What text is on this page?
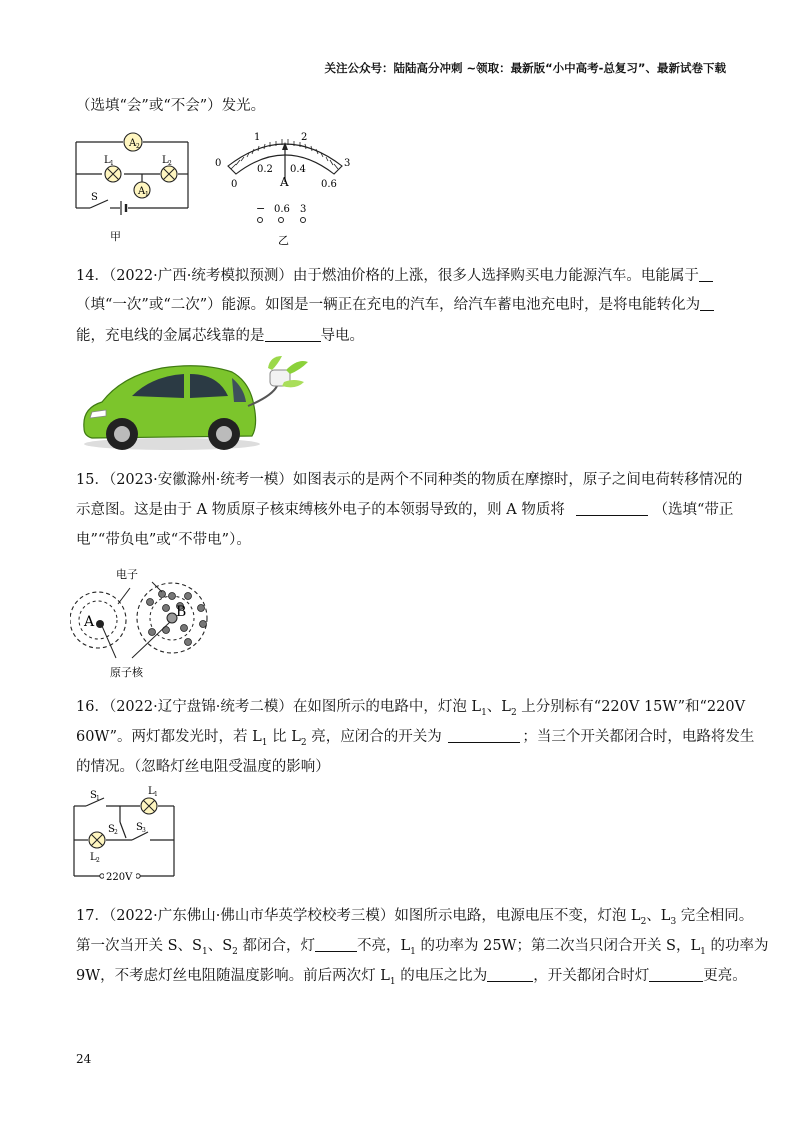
关注公众号：陆陆高分冲刺 ~领取：最新版“小中高考-总复习”、最新试卷下载
（选填“会”或“不会”）发光。
A 2
L 1	L 2
A 1
S
甲
0
1	2
3
0
0.2 0.4
0.6
A
− 0.6 3
乙
14．（2022·广西·统考模拟预测）由于燃油价格的上涨，很多人选择购买电力能源汽车。电能属于
（填“一次”或“二次”）能源。如图是一辆正在充电的汽车，给汽车蓄电池充电时，是将电能转化为
能，充电线的金属芯线靠的是	导电。
15．（2023·安徽滁州·统考一模）如图表示的是两个不同种类的物质在摩擦时，原子之间电荷转移情况的
示意图。这是由于 A 物质原子核束缚核外电子的本领弱导致的，则 A 物质将	（选填“带正
电”“带负电”或“不带电”）。
电子
A
B
原子核
16．（2022·辽宁盘锦·统考二模）在如图所示的电路中，灯泡 $L_1$、$L_2$ 上分别标有“220V 15W”和“220V
60W”。两灯都发光时，若 $L_1$ 比 $L_2$ 亮，应闭合的开关为	；当三个开关都闭合时，电路将发生
的情况。（忽略灯丝电阻受温度的影响）
S 1
L 1
S 2 S 3
L 2
220V
17．（2022·广东佛山·佛山市华英学校校考三模）如图所示电路，电源电压不变，灯泡 $L_2$、$L_3$ 完全相同。
第一次当开关 S、$S_1$、$S_2$ 都闭合，灯	不亮，$L_1$ 的功率为 25W；第二次当只闭合开关 S，$L_1$ 的功率为
9W，不考虑灯丝电阻随温度影响。前后两次灯 $L_1$ 的电压之比为	，开关都闭合时灯	更亮。
24
